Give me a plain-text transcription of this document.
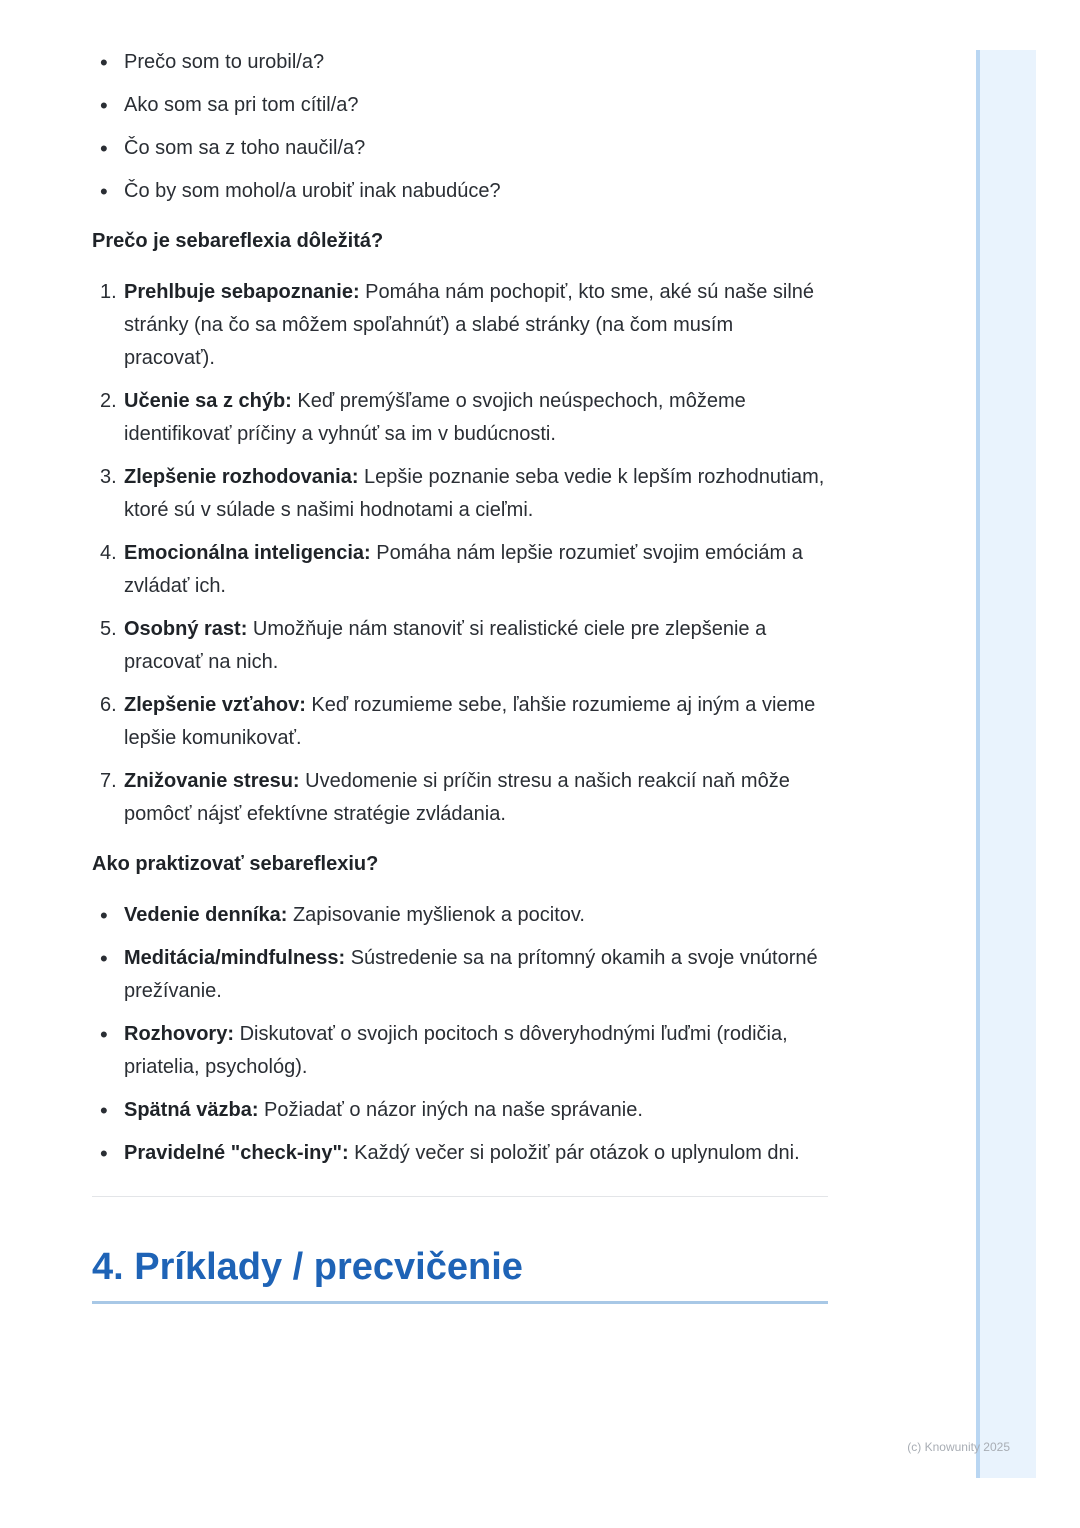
• Prečo som to urobil/a?
• Ako som sa pri tom cítil/a?
• Čo som sa z toho naučil/a?
• Čo by som mohol/a urobiť inak nabudúce?
Prečo je sebareflexia dôležitá?
1. Prehlbuje sebapoznanie: Pomáha nám pochopiť, kto sme, aké sú naše silné stránky (na čo sa môžem spoľahnúť) a slabé stránky (na čom musím pracovať).
2. Učenie sa z chýb: Keď premýšľame o svojich neúspechoch, môžeme identifikovať príčiny a vyhnúť sa im v budúcnosti.
3. Zlepšenie rozhodovania: Lepšie poznanie seba vedie k lepším rozhodnutiam, ktoré sú v súlade s našimi hodnotami a cieľmi.
4. Emocionálna inteligencia: Pomáha nám lepšie rozumieť svojim emóciám a zvládať ich.
5. Osobný rast: Umožňuje nám stanoviť si realistické ciele pre zlepšenie a pracovať na nich.
6. Zlepšenie vzťahov: Keď rozumieme sebe, ľahšie rozumieme aj iným a vieme lepšie komunikovať.
7. Znižovanie stresu: Uvedomenie si príčin stresu a našich reakcií naň môže pomôcť nájsť efektívne stratégie zvládania.
Ako praktizovať sebareflexiu?
• Vedenie denníka: Zapisovanie myšlienok a pocitov.
• Meditácia/mindfulness: Sústredenie sa na prítomný okamih a svoje vnútorné prežívanie.
• Rozhovory: Diskutovať o svojich pocitoch s dôveryhodnými ľuďmi (rodičia, priatelia, psychológ).
• Spätná väzba: Požiadať o názor iných na naše správanie.
• Pravidelné "check-iny": Každý večer si položiť pár otázok o uplynulom dni.
4. Príklady / precvičenie
(c) Knowunity 2025
